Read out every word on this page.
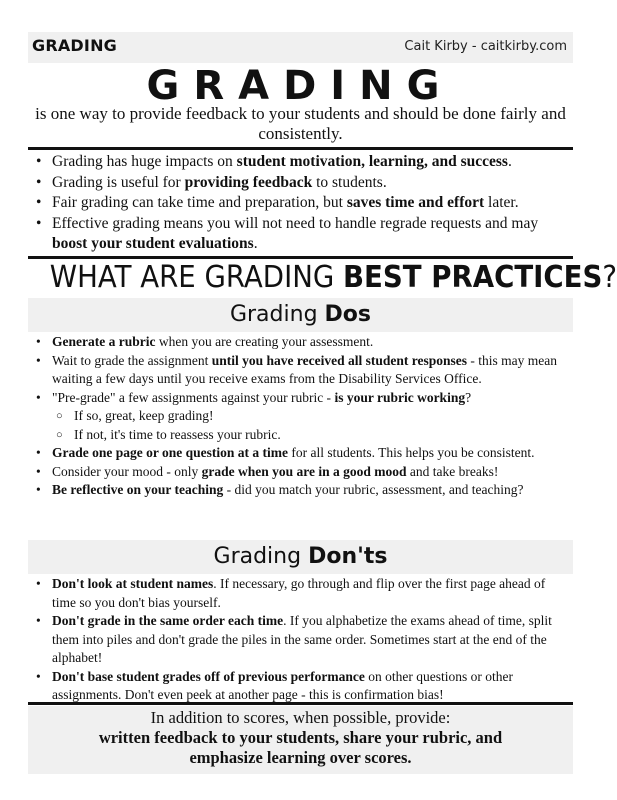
GRADING	Cait Kirby - caitkirby.com
GRADING
is one way to provide feedback to your students and should be done fairly and consistently.
• Grading has huge impacts on student motivation, learning, and success.
• Grading is useful for providing feedback to students.
• Fair grading can take time and preparation, but saves time and effort later.
• Effective grading means you will not need to handle regrade requests and may boost your student evaluations.
WHAT ARE GRADING BEST PRACTICES?
Grading Dos
• Generate a rubric when you are creating your assessment.
• Wait to grade the assignment until you have received all student responses - this may mean waiting a few days until you receive exams from the Disability Services Office.
• "Pre-grade" a few assignments against your rubric - is your rubric working?
○ If so, great, keep grading!
○ If not, it's time to reassess your rubric.
• Grade one page or one question at a time for all students. This helps you be consistent.
• Consider your mood - only grade when you are in a good mood and take breaks!
• Be reflective on your teaching - did you match your rubric, assessment, and teaching?
Grading Don'ts
• Don't look at student names. If necessary, go through and flip over the first page ahead of time so you don't bias yourself.
• Don't grade in the same order each time. If you alphabetize the exams ahead of time, split them into piles and don't grade the piles in the same order. Sometimes start at the end of the alphabet!
• Don't base student grades off of previous performance on other questions or other assignments. Don't even peek at another page - this is confirmation bias!
In addition to scores, when possible, provide:
written feedback to your students, share your rubric, and
emphasize learning over scores.
